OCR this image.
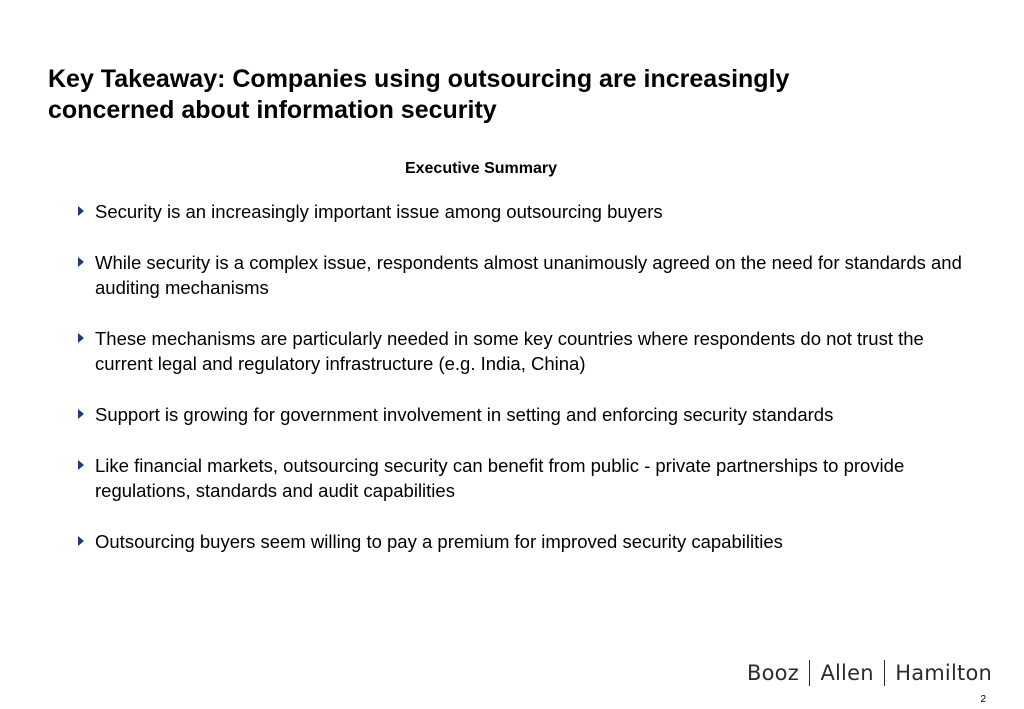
Key Takeaway: Companies using outsourcing are increasingly
concerned about information security
Executive Summary
Security is an increasingly important issue among outsourcing buyers
While security is a complex issue, respondents almost unanimously agreed on the need for standards and auditing mechanisms
These mechanisms are particularly needed in some key countries where respondents do not trust the current legal and regulatory infrastructure (e.g. India, China)
Support is growing for government involvement in setting and enforcing security standards
Like financial markets, outsourcing security can benefit from public - private partnerships to provide regulations, standards and audit capabilities
Outsourcing buyers seem willing to pay a premium for improved security capabilities
Booz Allen Hamilton
2
